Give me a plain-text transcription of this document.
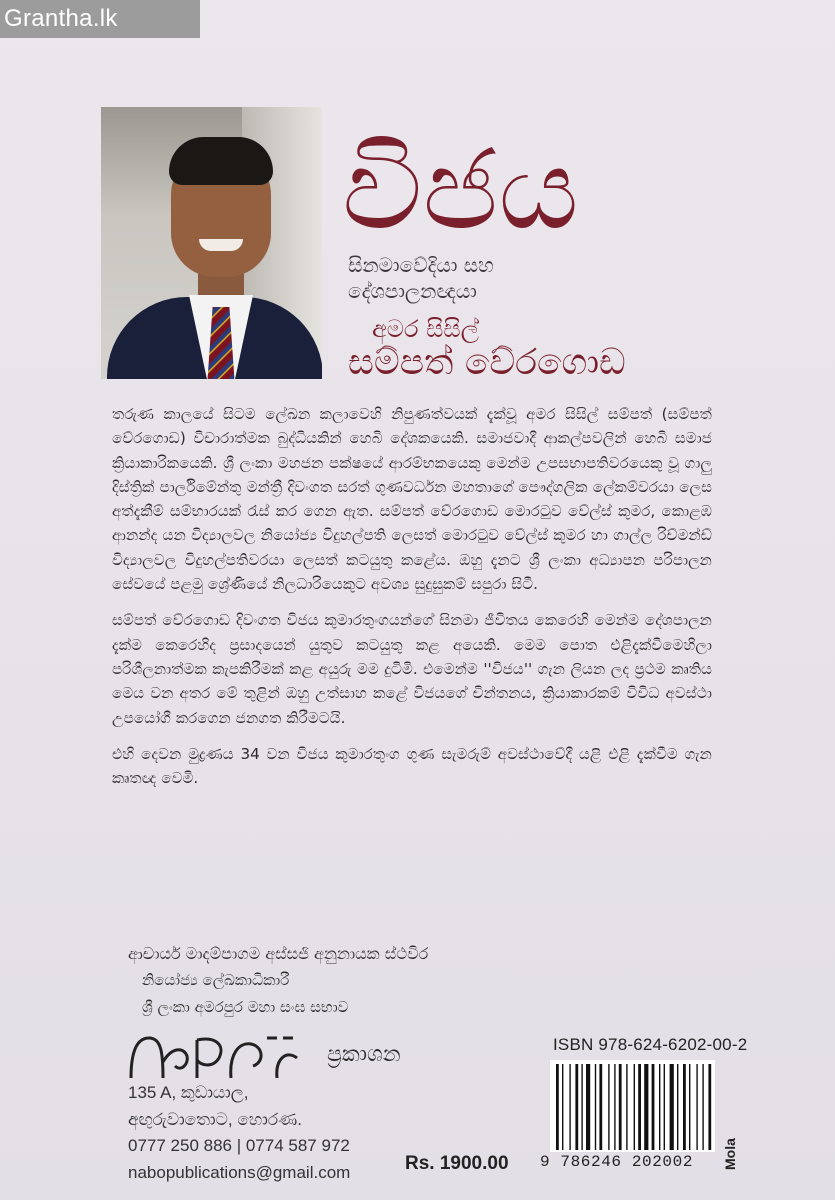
Grantha.lk
විජය
සිනමාවේදියා සහ
දේශපාලනඥයා
අමර සිසිල්
සම්පත් වේරගොඩ

තරුණ කාලයේ සිටම ලේඛන කලාවෙහි නිපුණත්වයක් දැක්වූ අමර සිසිල් සම්පත් (සම්පත් වේරගොඩ) විචාරාත්මක බුද්ධියකින් හෙබි දේශකයෙකි. සමාජවාදී ආකල්පවලින් හෙබි සමාජ ක්‍රියාකාරිකයෙකි. ශ්‍රී ලංකා මහජන පක්ෂයේ ආරම්භකයෙකු මෙන්ම උපසභාපතිවරයෙකු වූ ගාලු දිස්ත්‍රික් පාර්ලිමේන්තු මන්ත්‍රී දිවංගත සරත් ගුණවර්ධන මහතාගේ පෞද්ගලික ලේකම්වරයා ලෙස අත්දැකීම් සම්භාරයක් රැස් කර ගෙන ඇත. සම්පත් වේරගොඩ මොරටුව වේල්ස් කුමර, කොළඹ ආනන්ද යන විද්‍යාලවල නියෝජ්‍ය විදුහල්පති ලෙසත් මොරටුව වේල්ස් කුමර හා ගාල්ල රිච්මන්ඩ් විද්‍යාලවල විදුහල්පතිවරයා ලෙසත් කටයුතු කළේය. ඔහු දැනට ශ්‍රී ලංකා අධ්‍යාපන පරිපාලන සේවයේ පළමු ශ්‍රේණියේ නිලධාරියෙකුට අවශ්‍ය සුදුසුකම් සපුරා සිටී.

සම්පත් වේරගොඩ දිවංගත විජය කුමාරතුංගයන්ගේ සිනමා ජීවිතය කෙරෙහි මෙන්ම දේශපාලන දැක්ම කෙරෙහිද ප්‍රසාදයෙන් යුතුව කටයුතු කළ අයෙකි. මෙම පොත එළිදැක්වීමෙහිලා පරිශීලනාත්මක කැපකිරීමක් කළ අයුරු මම දුටිමි. එමෙන්ම ''විජය'' ගැන ලියන ලද ප්‍රථම කෘතිය මෙය වන අතර මේ තුළින් ඔහු උත්සාහ කළේ විජයගේ චින්තනය, ක්‍රියාකාරකම් විවිධ අවස්ථා උපයෝගී කරගෙන ජනගත කිරීමටයි.

එහි දෙවන මුද්‍රණය 34 වන විජය කුමාරතුංග ගුණ සැමරුම් අවස්ථාවේදී යළි එළි දැක්වීම ගැන කෘතඥ වෙමි.

ආචාර්ය මාදම්පාගම අස්සජි අනුනායක ස්ථවිර
නියෝජ්‍ය ලේඛකාධිකාරී
ශ්‍රී ලංකා අමරපුර මහා සංඝ සභාව
ප්‍රකාශන
135 A, කුඩායාල,
අඟුරුවාතොට, හොරණ.
0777 250 886 | 0774 587 972
nabopublications@gmail.com	Rs. 1900.00
ISBN 978-624-6202-00-2
9 786246 202002 Mola
